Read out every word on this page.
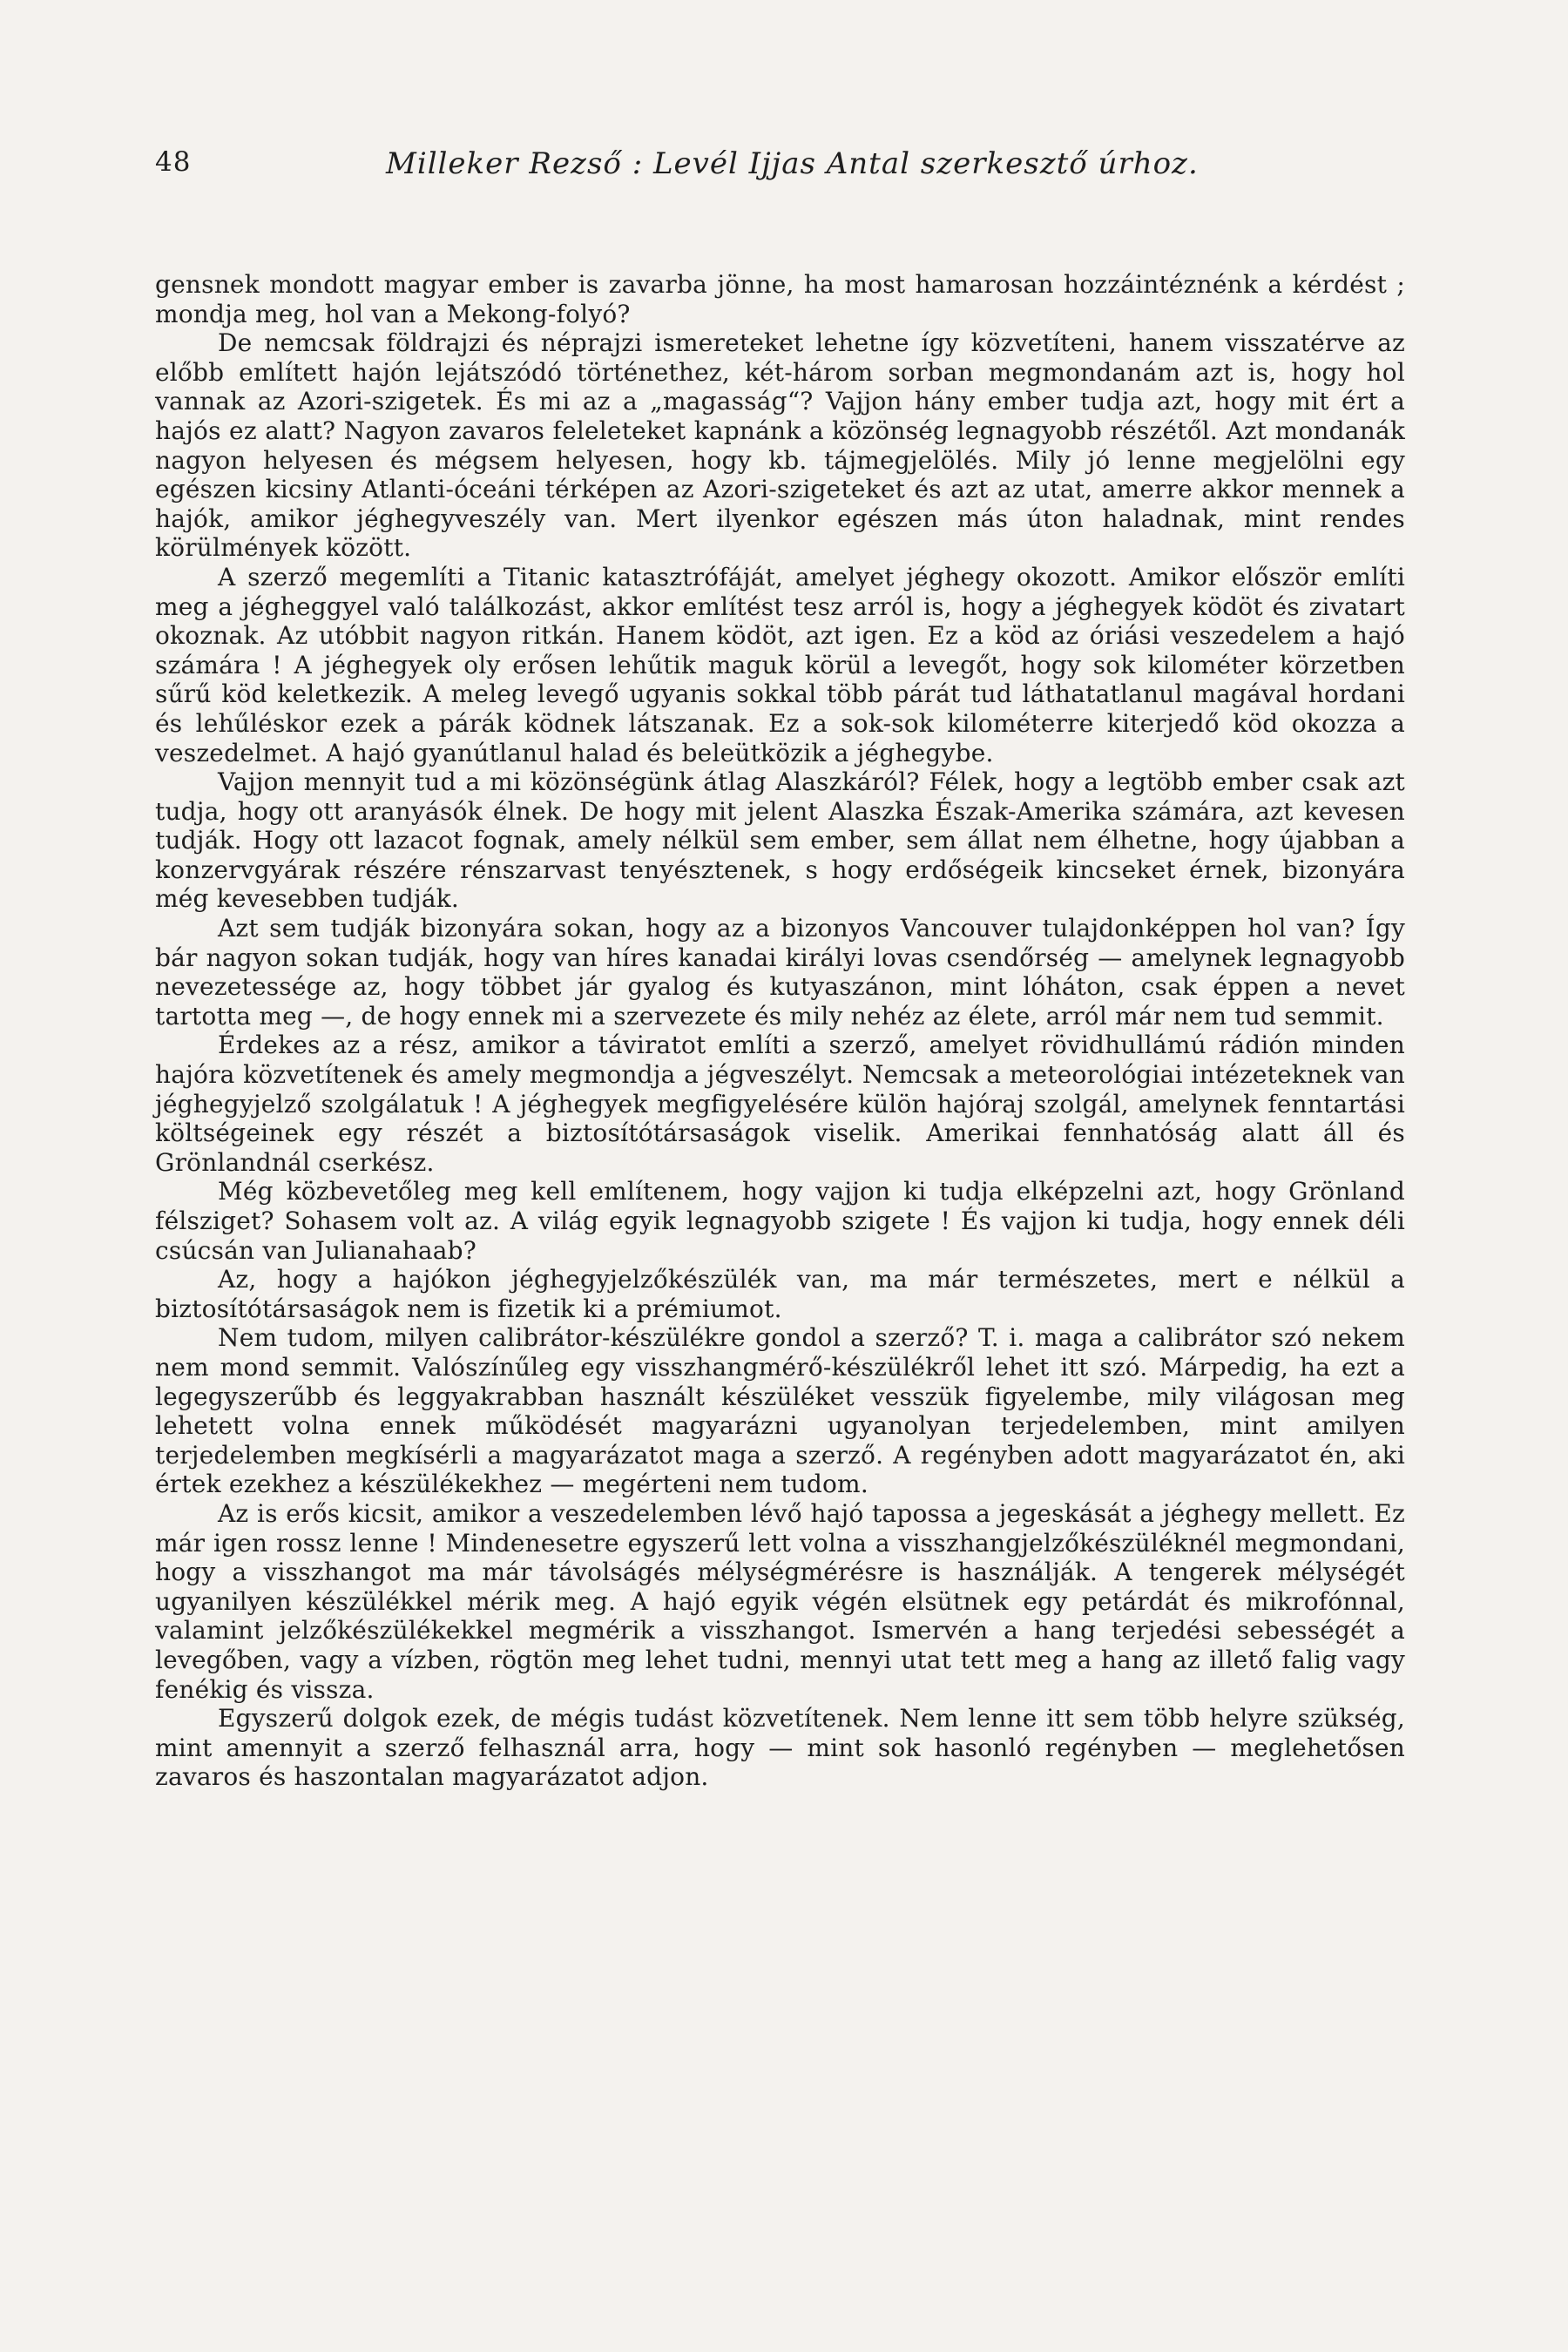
48	Milleker Rezső : Levél Ijjas Antal szerkesztő úrhoz.

gensnek mondott magyar ember is zavarba jönne, ha most hamarosan hozzáintéznénk a kérdést ; mondja meg, hol van a Mekong-folyó?

De nemcsak földrajzi és néprajzi ismereteket lehetne így közvetíteni, hanem visszatérve az előbb említett hajón lejátszódó történethez, két-három sorban megmondanám azt is, hogy hol vannak az Azori-szigetek. És mi az a „magasság“? Vajjon hány ember tudja azt, hogy mit ért a hajós ez alatt? Nagyon zavaros feleleteket kapnánk a közönség legnagyobb részétől. Azt mondanák nagyon helyesen és mégsem helyesen, hogy kb. tájmegjelölés. Mily jó lenne megjelölni egy egészen kicsiny Atlanti-óceáni térképen az Azori-szigeteket és azt az utat, amerre akkor mennek a hajók, amikor jéghegyveszély van. Mert ilyenkor egészen más úton haladnak, mint rendes körülmények között.

A szerző megemlíti a Titanic katasztrófáját, amelyet jéghegy okozott. Amikor először említi meg a jégheggyel való találkozást, akkor említést tesz arról is, hogy a jéghegyek ködöt és zivatart okoznak. Az utóbbit nagyon ritkán. Hanem ködöt, azt igen. Ez a köd az óriási veszedelem a hajó számára ! A jéghegyek oly erősen lehűtik maguk körül a levegőt, hogy sok kilométer körzetben sűrű köd keletkezik. A meleg levegő ugyanis sokkal több párát tud láthatatlanul magával hordani és lehűléskor ezek a párák ködnek látszanak. Ez a sok-sok kilométerre kiterjedő köd okozza a veszedelmet. A hajó gyanútlanul halad és beleütközik a jéghegybe.

Vajjon mennyit tud a mi közönségünk átlag Alaszkáról? Félek, hogy a legtöbb ember csak azt tudja, hogy ott aranyásók élnek. De hogy mit jelent Alaszka Észak-Amerika számára, azt kevesen tudják. Hogy ott lazacot fognak, amely nélkül sem ember, sem állat nem élhetne, hogy újabban a konzervgyárak részére rénszarvast tenyésztenek, s hogy erdőségeik kincseket érnek, bizonyára még kevesebben tudják.

Azt sem tudják bizonyára sokan, hogy az a bizonyos Vancouver tulajdonképpen hol van? Így bár nagyon sokan tudják, hogy van híres kanadai királyi lovas csendőrség — amelynek legnagyobb nevezetessége az, hogy többet jár gyalog és kutyaszánon, mint lóháton, csak éppen a nevet tartotta meg —, de hogy ennek mi a szervezete és mily nehéz az élete, arról már nem tud semmit.

Érdekes az a rész, amikor a táviratot említi a szerző, amelyet rövidhullámú rádión minden hajóra közvetítenek és amely megmondja a jégveszélyt. Nemcsak a meteorológiai intézeteknek van jéghegyjelző szolgálatuk ! A jéghegyek megfigyelésére külön hajóraj szolgál, amelynek fenntartási költségeinek egy részét a biztosítótársaságok viselik. Amerikai fennhatóság alatt áll és Grönlandnál cserkész.

Még közbevetőleg meg kell említenem, hogy vajjon ki tudja elképzelni azt, hogy Grönland félsziget? Sohasem volt az. A világ egyik legnagyobb szigete ! És vajjon ki tudja, hogy ennek déli csúcsán van Julianahaab?

Az, hogy a hajókon jéghegyjelzőkészülék van, ma már természetes, mert e nélkül a biztosítótársaságok nem is fizetik ki a prémiumot.

Nem tudom, milyen calibrátor-készülékre gondol a szerző? T. i. maga a calibrátor szó nekem nem mond semmit. Valószínűleg egy visszhangmérő-készülékről lehet itt szó. Márpedig, ha ezt a legegyszerűbb és leggyakrabban használt készüléket vesszük figyelembe, mily világosan meg lehetett volna ennek működését magyarázni ugyanolyan terjedelemben, mint amilyen terjedelemben megkísérli a magyarázatot maga a szerző. A regényben adott magyarázatot én, aki értek ezekhez a készülékekhez — megérteni nem tudom.

Az is erős kicsit, amikor a veszedelemben lévő hajó tapossa a jegeskását a jéghegy mellett. Ez már igen rossz lenne ! Mindenesetre egyszerű lett volna a visszhangjelzőkészüléknél megmondani, hogy a visszhangot ma már távolságés mélységmérésre is használják. A tengerek mélységét ugyanilyen készülékkel mérik meg. A hajó egyik végén elsütnek egy petárdát és mikrofónnal, valamint jelzőkészülékekkel megmérik a visszhangot. Ismervén a hang terjedési sebességét a levegőben, vagy a vízben, rögtön meg lehet tudni, mennyi utat tett meg a hang az illető falig vagy fenékig és vissza.

Egyszerű dolgok ezek, de mégis tudást közvetítenek. Nem lenne itt sem több helyre szükség, mint amennyit a szerző felhasznál arra, hogy — mint sok hasonló regényben — meglehetősen zavaros és haszontalan magyarázatot adjon.
